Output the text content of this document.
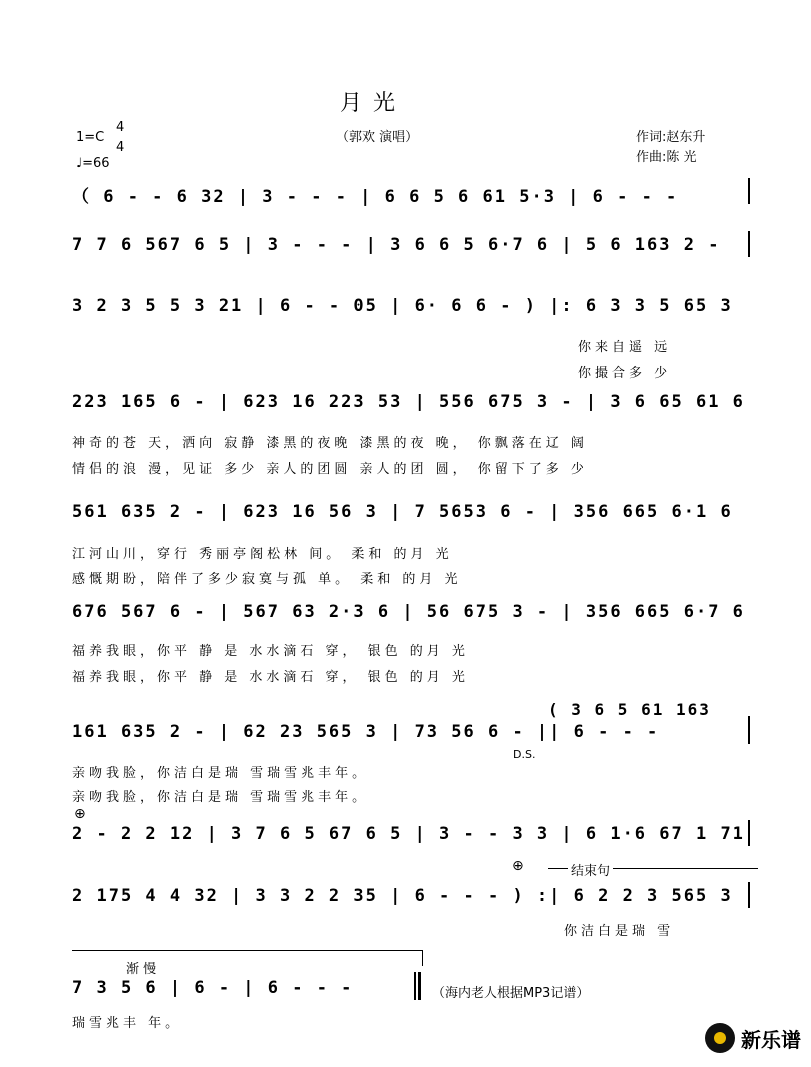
月 光
（郭欢 演唱）
1=C
4
4
♩=66
作词:赵东升
作曲:陈 光
（ 6 - - 6 32 | 3 - - - | 6 6 5 6 61 5·3 | 6 - - -
7 7 6 567 6 5 | 3 - - - | 3 6 6 5 6·7 6 | 5 6 163 2 -
3 2 3 5 5 3 21 | 6 - - 05 | 6· 6 6 - ) |: 6 3 3 5 65 3
你来自遥 远
你撮合多 少
223 165 6 - | 623 16 223 53 | 556 675 3 - | 3 6 65 61 6
神奇的苍 天，洒向 寂静 漆黑的夜晚 漆黑的夜 晚， 你飘落在辽 阔
情侣的浪 漫，见证 多少 亲人的团圆 亲人的团 圆， 你留下了多 少
561 635 2 - | 623 16 56 3 | 7 5653 6 - | 356 665 6·1 6
江河山川，穿行 秀丽亭阁松林 间。 柔和 的月 光
感慨期盼，陪伴了多少寂寞与孤 单。 柔和 的月 光
676 567 6 - | 567 63 2·3 6 | 56 675 3 - | 356 665 6·7 6
福养我眼，你平 静 是 水水滴石 穿， 银色 的月 光
福养我眼，你平 静 是 水水滴石 穿， 银色 的月 光
( 3 6 5 61 163
161 635 2 - | 62 23 565 3 | 73 56 6 - || 6 - - -
D.S.
亲吻我脸，你洁白是瑞 雪瑞雪兆丰年。
亲吻我脸，你洁白是瑞 雪瑞雪兆丰年。
⊕
2 - 2 2 12 | 3 7 6 5 67 6 5 | 3 - - 3 3 | 6 1·6 67 1 71
⊕	结束句
2 175 4 4 32 | 3 3 2 2 35 | 6 - - - ) :| 6 2 2 3 565 3
你洁白是瑞 雪
渐 慢
7 3 5 6 | 6 - | 6 - - -	（海内老人根据MP3记谱）
瑞雪兆丰 年。
新乐谱
